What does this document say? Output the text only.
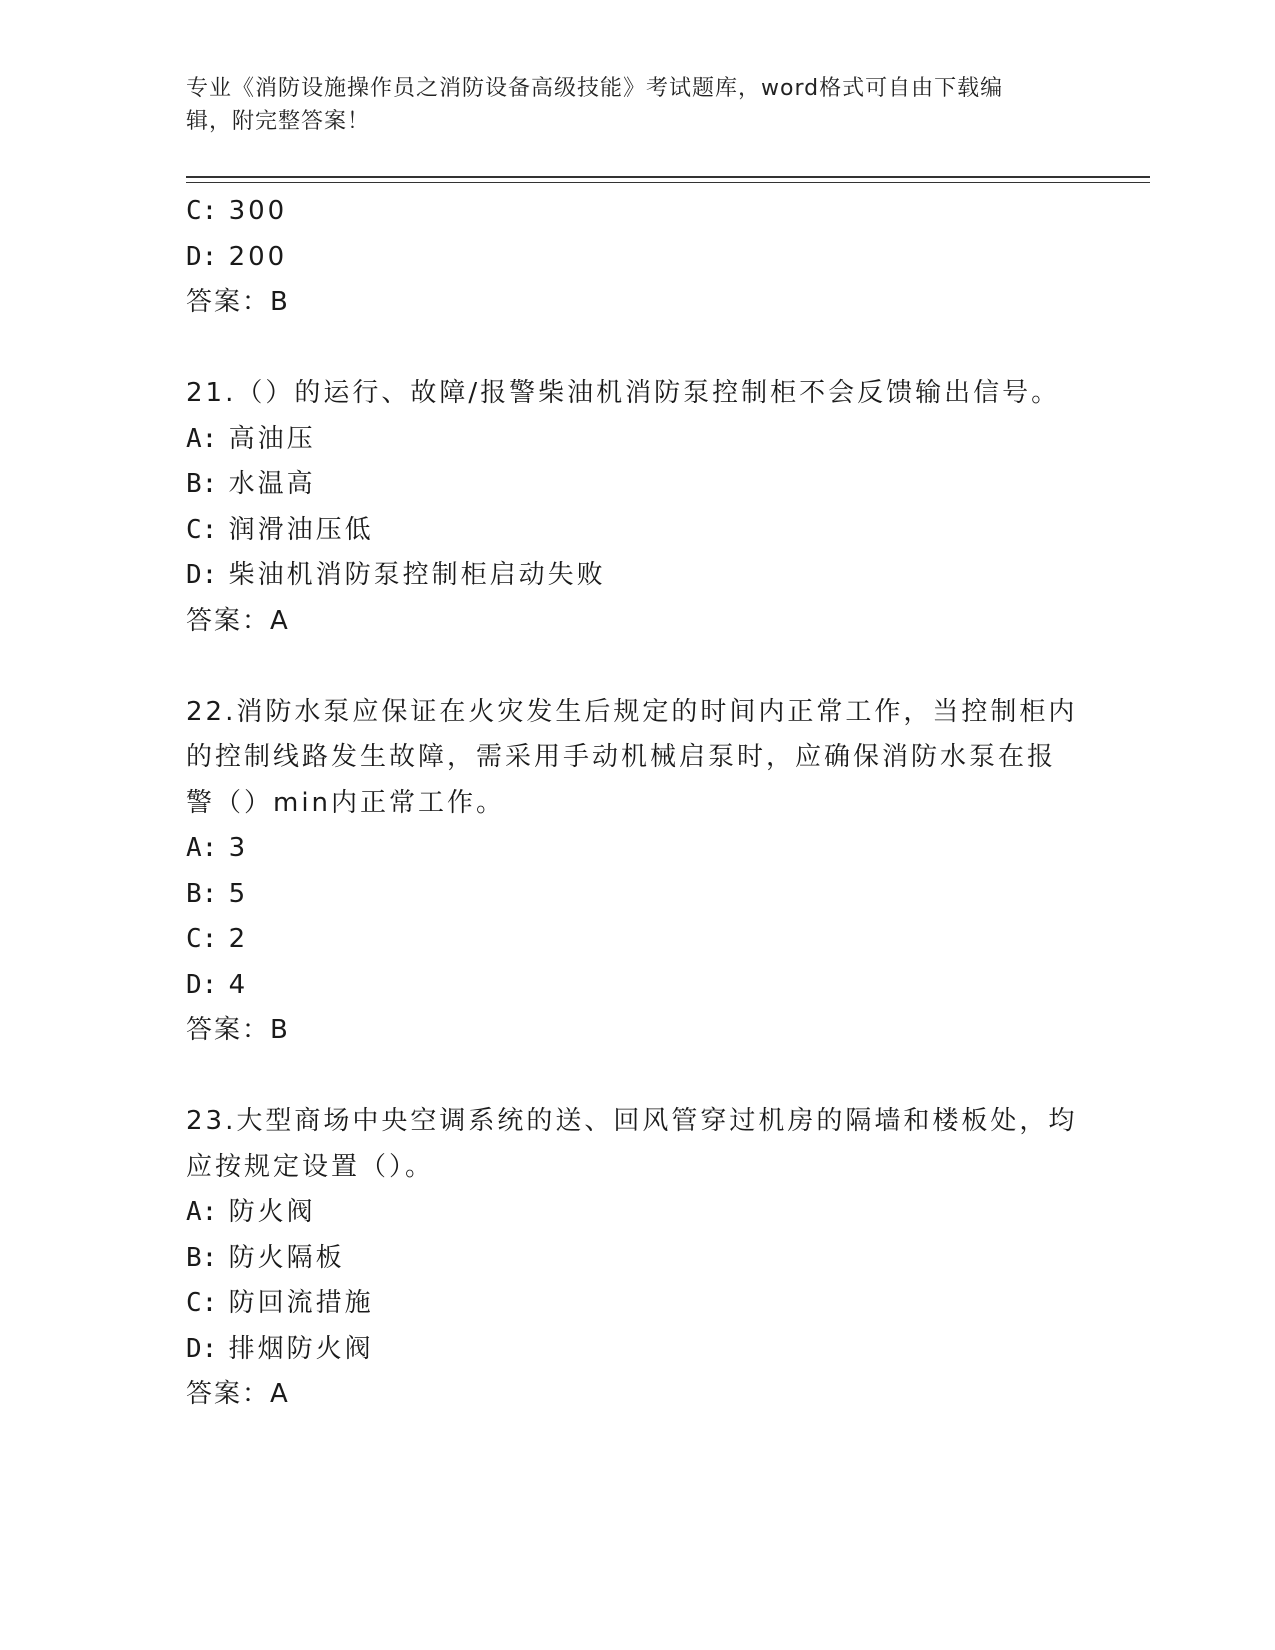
专业《消防设施操作员之消防设备高级技能》考试题库，word格式可自由下载编
辑，附完整答案！
C: 300
D: 200
答案：B
21.（）的运行、故障/报警柴油机消防泵控制柜不会反馈输出信号。
A: 高油压
B: 水温高
C: 润滑油压低
D: 柴油机消防泵控制柜启动失败
答案：A
22.消防水泵应保证在火灾发生后规定的时间内正常工作，当控制柜内
的控制线路发生故障，需采用手动机械启泵时，应确保消防水泵在报
警（）min内正常工作。
A: 3
B: 5
C: 2
D: 4
答案：B
23.大型商场中央空调系统的送、回风管穿过机房的隔墙和楼板处，均
应按规定设置（）。
A: 防火阀
B: 防火隔板
C: 防回流措施
D: 排烟防火阀
答案：A
